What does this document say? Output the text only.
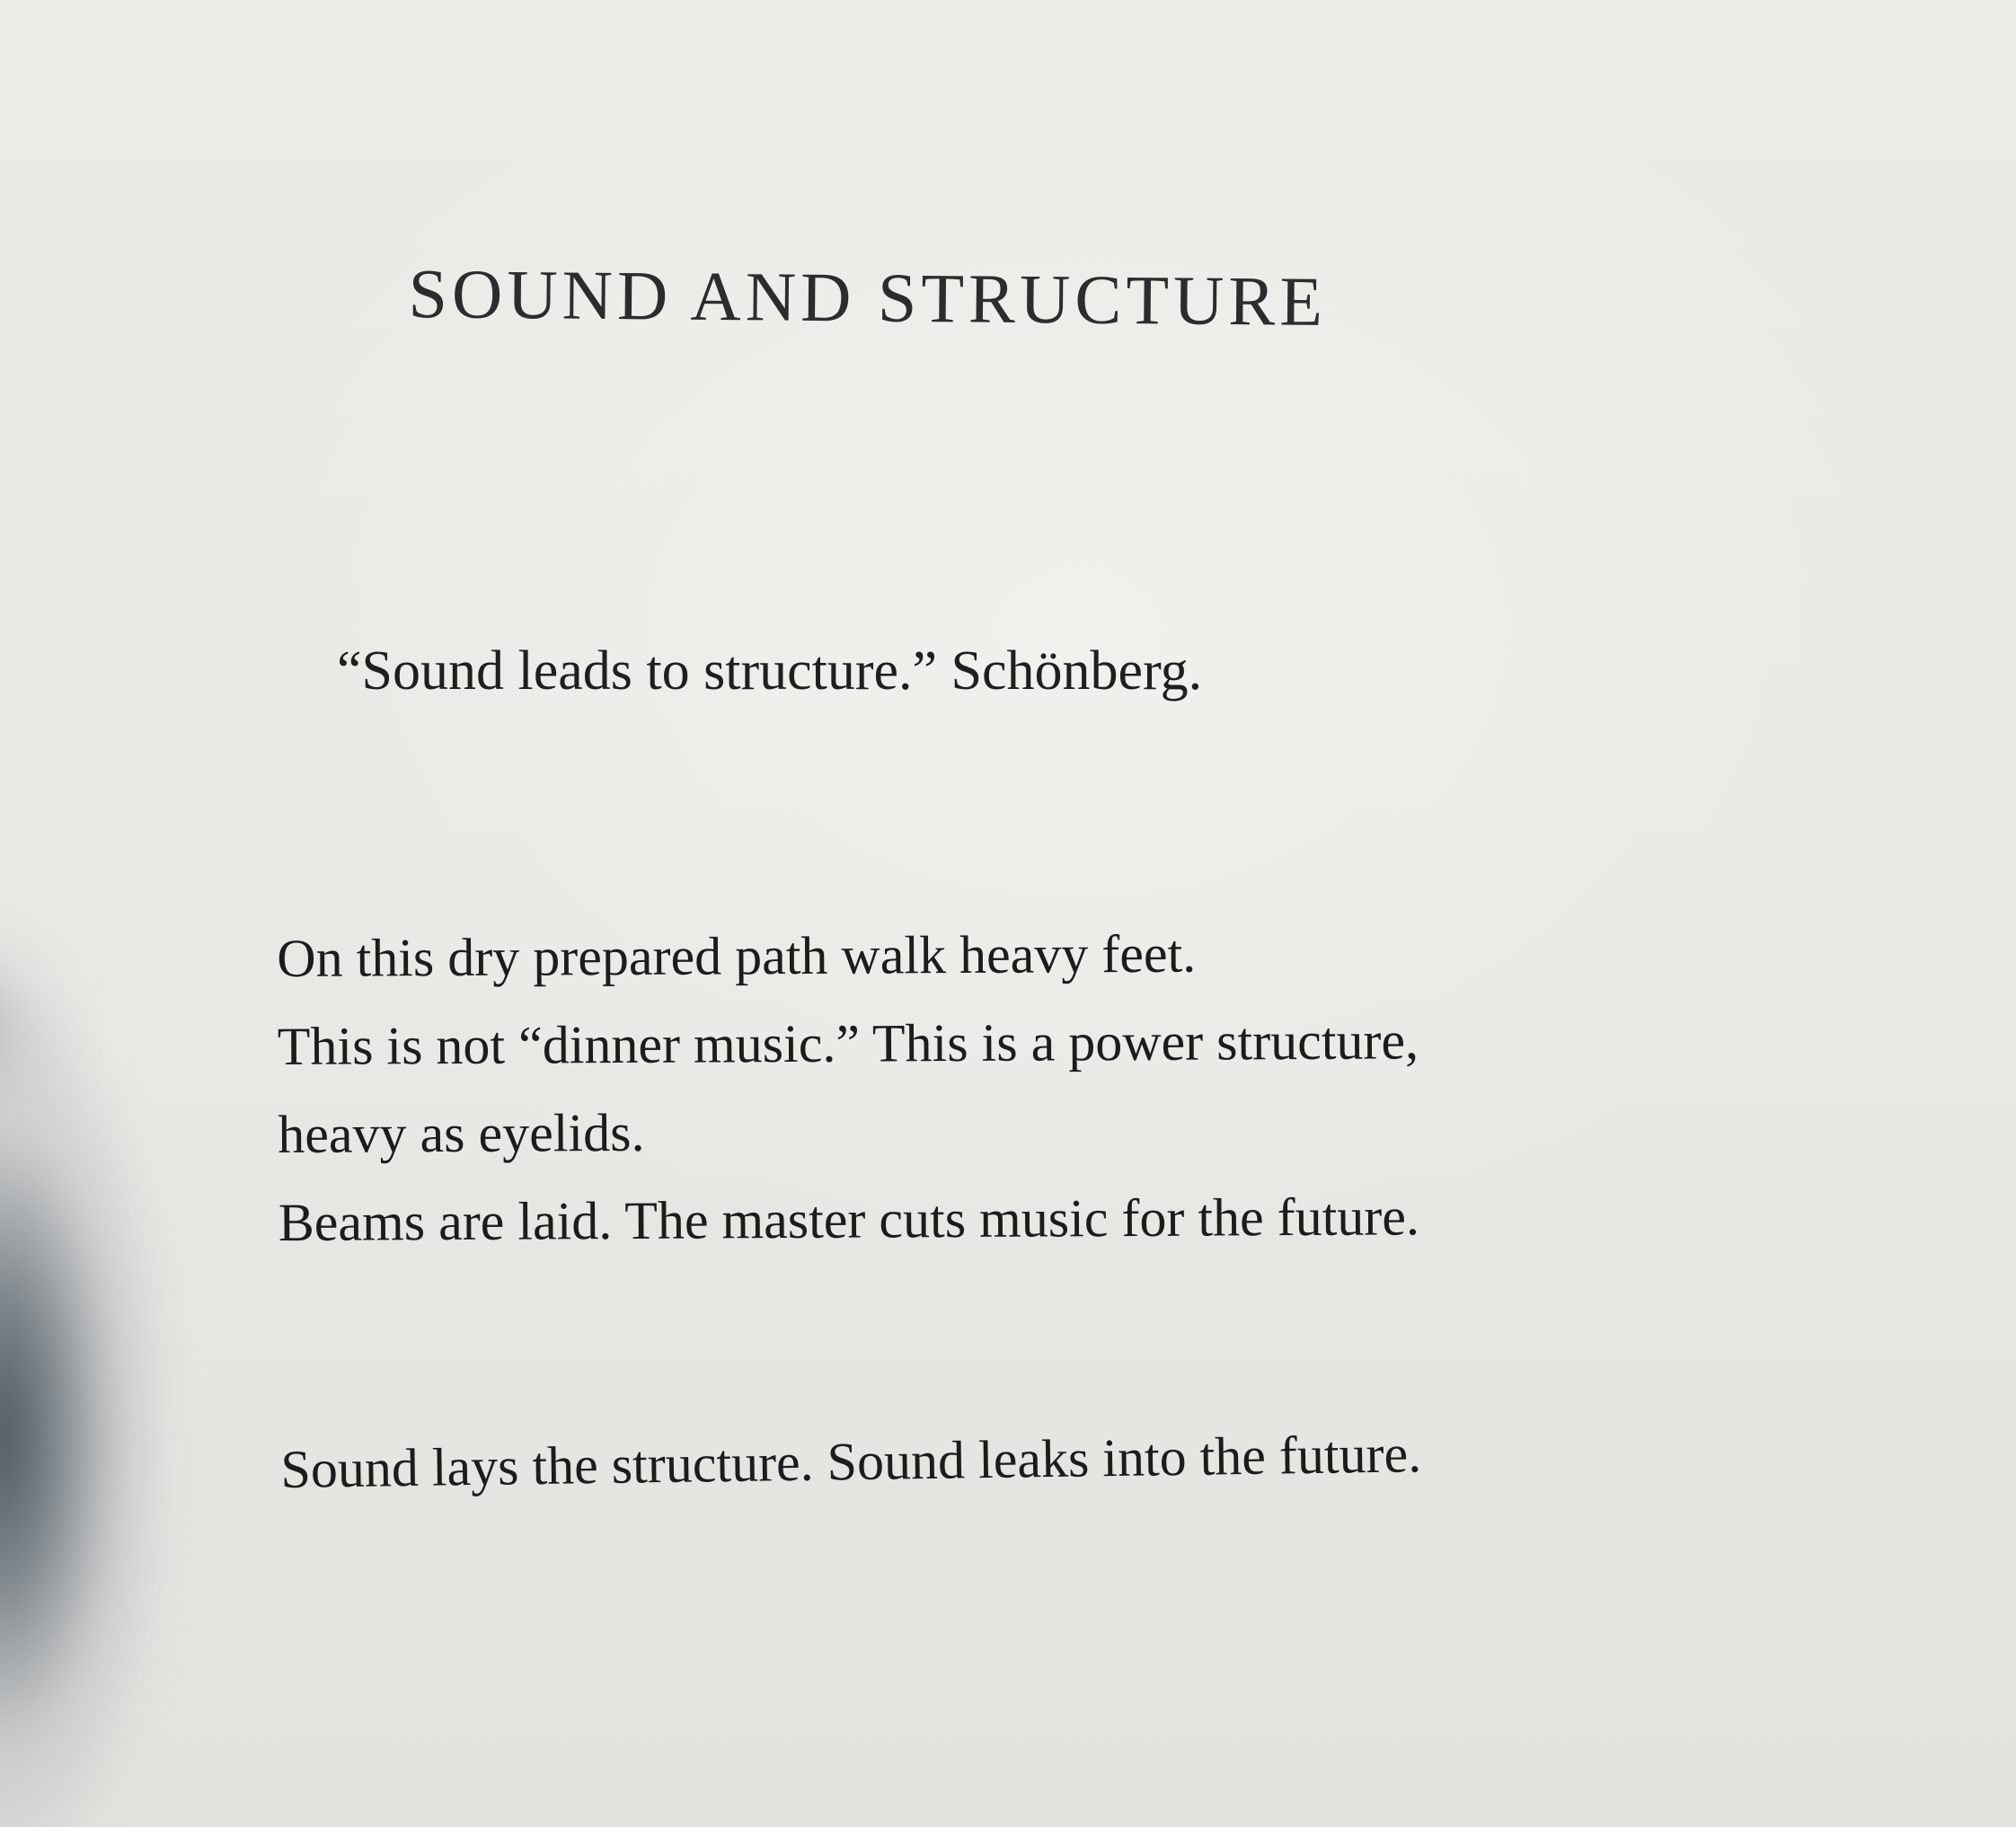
SOUND AND STRUCTURE

“Sound leads to structure.” Schönberg.

On this dry prepared path walk heavy feet.
This is not “dinner music.” This is a power structure,
heavy as eyelids.
Beams are laid. The master cuts music for the future.

Sound lays the structure. Sound leaks into the future.
